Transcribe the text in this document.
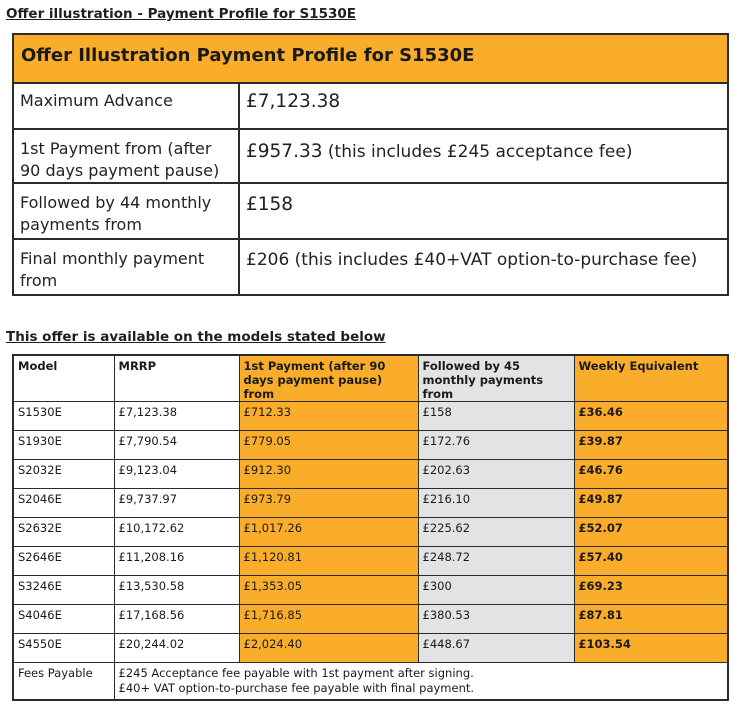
Offer illustration - Payment Profile for S1530E
Offer Illustration Payment Profile for S1530E	
Maximum Advance	£7,123.38
1st Payment from (after 90 days payment pause)	£957.33 (this includes £245 acceptance fee)
Followed by 44 monthly payments from	£158
Final monthly payment from	£206 (this includes £40+VAT option-to-purchase fee)
This offer is available on the models stated below
Model	MRRP	1st Payment (after 90 days payment pause) from	Followed by 45 monthly payments from	Weekly Equivalent
S1530E	£7,123.38	£712.33	£158	£36.46
S1930E	£7,790.54	£779.05	£172.76	£39.87
S2032E	£9,123.04	£912.30	£202.63	£46.76
S2046E	£9,737.97	£973.79	£216.10	£49.87
S2632E	£10,172.62	£1,017.26	£225.62	£52.07
S2646E	£11,208.16	£1,120.81	£248.72	£57.40
S3246E	£13,530.58	£1,353.05	£300	£69.23
S4046E	£17,168.56	£1,716.85	£380.53	£87.81
S4550E	£20,244.02	£2,024.40	£448.67	£103.54
Fees Payable	£245 Acceptance fee payable with 1st payment after signing.
£40+ VAT option-to-purchase fee payable with final payment.			
